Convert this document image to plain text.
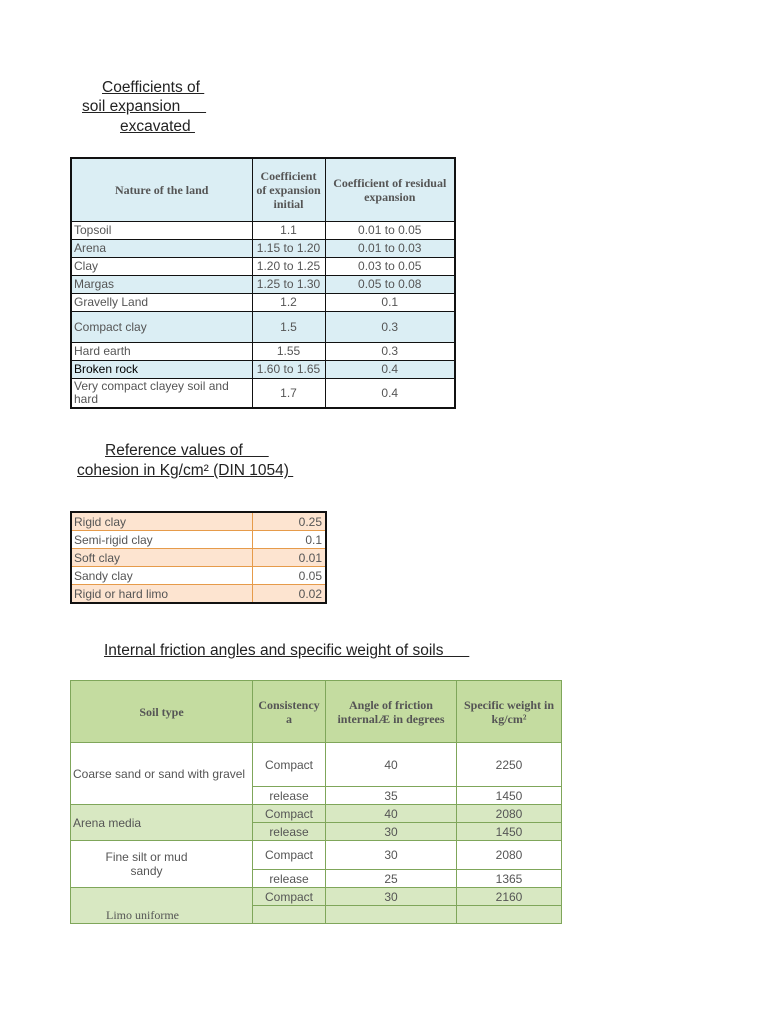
Coefficients of

soil expansion

excavated

Nature of the land	Coefficient of expansion initial	Coefficient of residual expansion
Topsoil	1.1	0.01 to 0.05
Arena	1.15 to 1.20	0.01 to 0.03
Clay	1.20 to 1.25	0.03 to 0.05
Margas	1.25 to 1.30	0.05 to 0.08
Gravelly Land	1.2	0.1
Compact clay	1.5	0.3
Hard earth	1.55	0.3
Broken rock	1.60 to 1.65	0.4
Very compact clayey soil and hard	1.7	0.4

Reference values of

cohesion in Kg/cm² (DIN 1054)

Rigid clay	0.25
Semi-rigid clay	0.1
Soft clay	0.01
Sandy clay	0.05
Rigid or hard limo	0.02

Internal friction angles and specific weight of soils

Soil type	Consistency a	Angle of friction internalÆ in degrees	Specific weight in kg/cm²
Coarse sand or sand with gravel	Compact	40	2250
	release	35	1450
Arena media	Compact	40	2080
	release	30	1450
Fine silt or mud sandy	Compact	30	2080
	release	25	1365
Limo uniforme	Compact	30	2160
